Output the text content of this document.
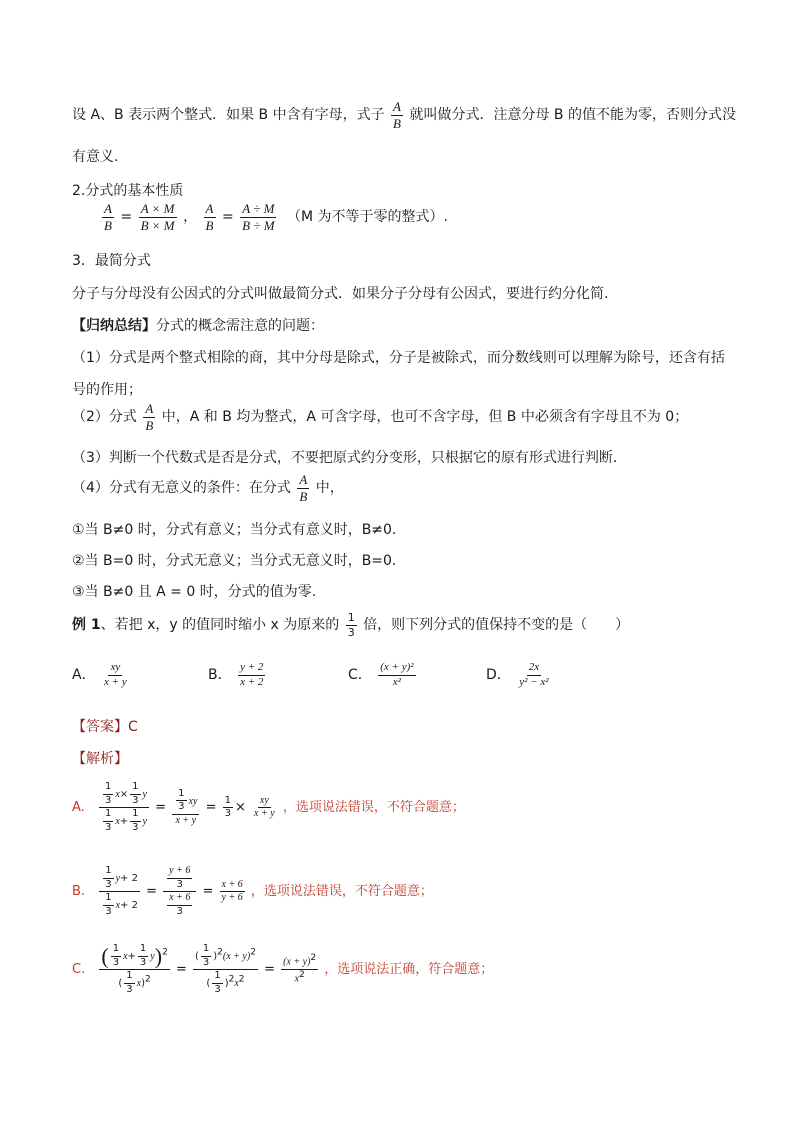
设 A、B 表示两个整式．如果 B 中含有字母，式子 $\frac{A}{B}$ 就叫做分式．注意分母 B 的值不能为零，否则分式没
有意义.
2.分式的基本性质
$\frac{A}{B} = \frac{A \times M}{B \times M}$ ， $\frac{A}{B} = \frac{A \div M}{B \div M} (M$ 为不等于零的整式）.
3．最简分式
分子与分母没有公因式的分式叫做最简分式．如果分子分母有公因式，要进行约分化简.
【归纳总结】分式的概念需注意的问题：
（1）分式是两个整式相除的商，其中分母是除式，分子是被除式，而分数线则可以理解为除号，还含有括
号的作用；
（2）分式 $\frac{A}{B}$ 中，A 和 B 均为整式，A 可含字母，也可不含字母，但 B 中必须含有字母且不为 0；
（3）判断一个代数式是否是分式，不要把原式约分变形，只根据它的原有形式进行判断．
（4）分式有无意义的条件：在分式 $\frac{A}{B}$ 中，
①当 B≠0 时，分式有意义；当分式有意义时，B≠0.
②当 B=0 时，分式无意义；当分式无意义时，B=0.
③当 B≠0 且 A = 0 时，分式的值为零.
例 1、若把 x，y 的值同时缩小 x 为原来的 $\frac{1}{3}$ 倍，则下列分式的值保持不变的是（　　）
A． $\frac{xy}{x + y}$	B． $\frac{y + 2}{x + 2}$	C． $\frac{\text{(x + y)²}}{\text{x²}}$	D． $\frac{2x}{\text{y² − x²}}$
【答案】C
【解析】
A. $\frac{\frac{1}{3} x\times \frac{1}{3} y}{\frac{1}{3} x+ \frac{1}{3} y} = \frac{\frac{1}{3} xy}{x + y} = \frac{1}{3} \times \frac{xy}{x + y}$ ，选项说法错误，不符合题意；
B. $\frac{\frac{1}{3} y+ 2}{\frac{1}{3} x+ 2} = \frac{\frac{y + 6}{3}}{\frac{x + 6}{3}} = \frac{x + 6}{y + 6}$ ，选项说法错误，不符合题意；
C. $\frac{( \frac{1}{3} x+ \frac{1}{3} y)^2}{( \frac{1}{3} x)^2} = \frac{( \frac{1}{3} )^2(x + y)^2}{( \frac{1}{3} )^2x^2} = \frac{(x + y)^2}{x^2}$ ，选项说法正确，符合题意；
